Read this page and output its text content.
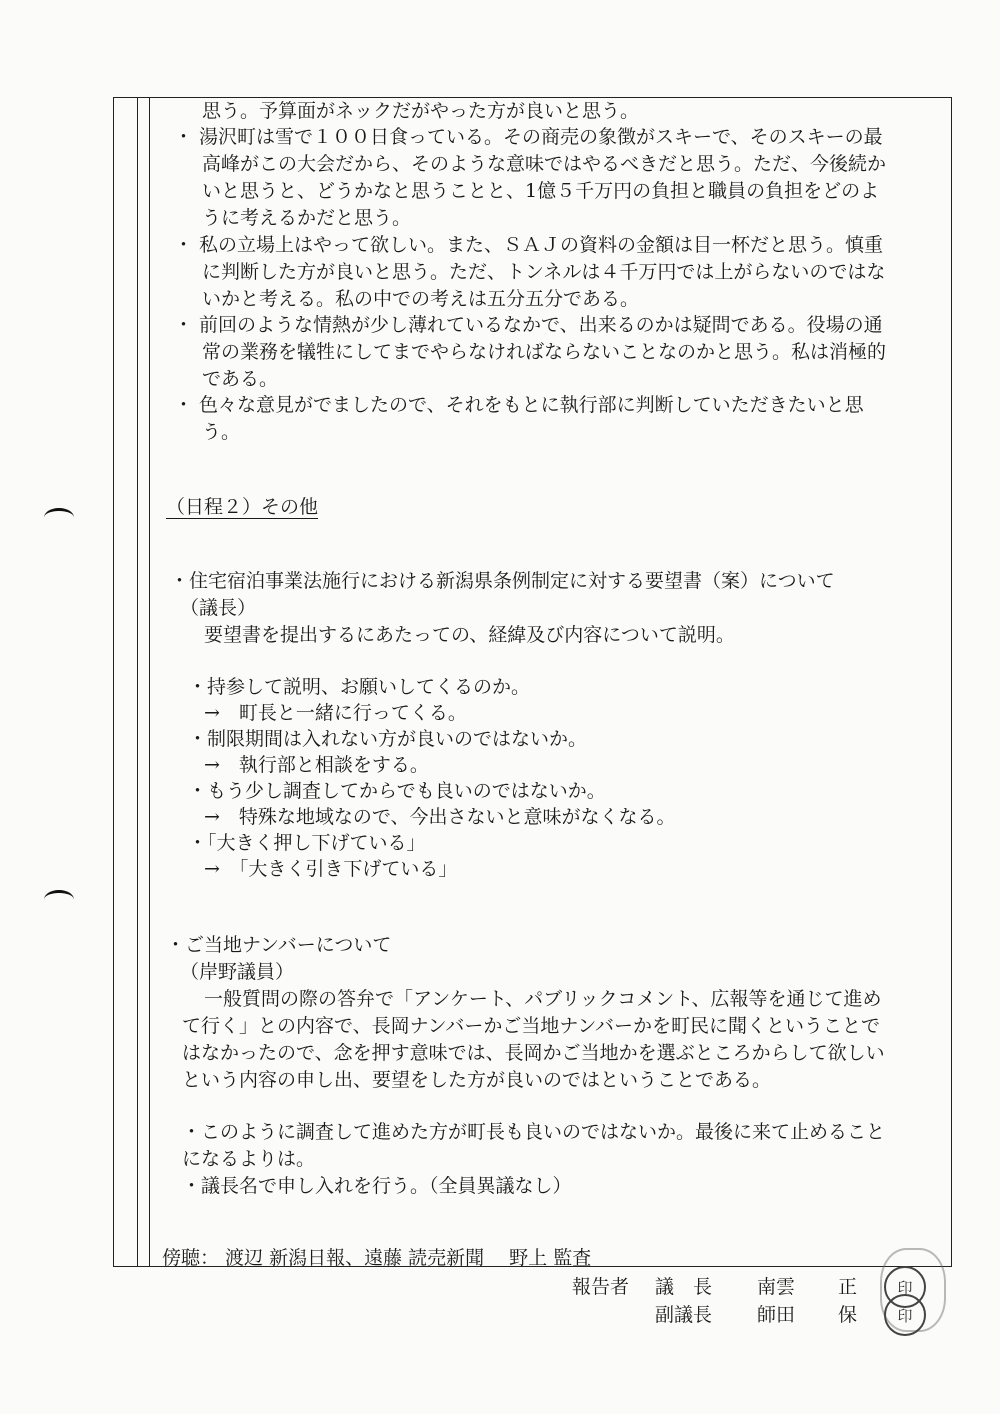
思う。予算面がネックだがやった方が良いと思う。
・ 湯沢町は雪で１００日食っている。その商売の象徴がスキーで、そのスキーの最
高峰がこの大会だから、そのような意味ではやるべきだと思う。ただ、今後続か
いと思うと、どうかなと思うことと、1億５千万円の負担と職員の負担をどのよ
うに考えるかだと思う。
・ 私の立場上はやって欲しい。また、ＳＡＪの資料の金額は目一杯だと思う。慎重
に判断した方が良いと思う。ただ、トンネルは４千万円では上がらないのではな
いかと考える。私の中での考えは五分五分である。
・ 前回のような情熱が少し薄れているなかで、出来るのかは疑問である。役場の通
常の業務を犠牲にしてまでやらなければならないことなのかと思う。私は消極的
である。
・ 色々な意見がでましたので、それをもとに執行部に判断していただきたいと思
う。
（日程２）その他
・住宅宿泊事業法施行における新潟県条例制定に対する要望書（案）について
（議長）
要望書を提出するにあたっての、経緯及び内容について説明。
・持参して説明、お願いしてくるのか。
→　町長と一緒に行ってくる。
・制限期間は入れない方が良いのではないか。
→　執行部と相談をする。
・もう少し調査してからでも良いのではないか。
→　特殊な地域なので、今出さないと意味がなくなる。
・「大きく押し下げている」
→　「大きく引き下げている」
・ご当地ナンバーについて
（岸野議員）
一般質問の際の答弁で「アンケート、パブリックコメント、広報等を通じて進め
て行く」との内容で、長岡ナンバーかご当地ナンバーかを町民に聞くということで
はなかったので、念を押す意味では、長岡かご当地かを選ぶところからして欲しい
という内容の申し出、要望をした方が良いのではということである。
・このように調査して進めた方が町長も良いのではないか。最後に来て止めること
になるよりは。
・議長名で申し入れを行う。（全員異議なし）
傍聴： 渡辺 新潟日報、遠藤 読売新聞　 野上 監査
報告者 議　長 南雲 正	印
副議長 師田 保	印
